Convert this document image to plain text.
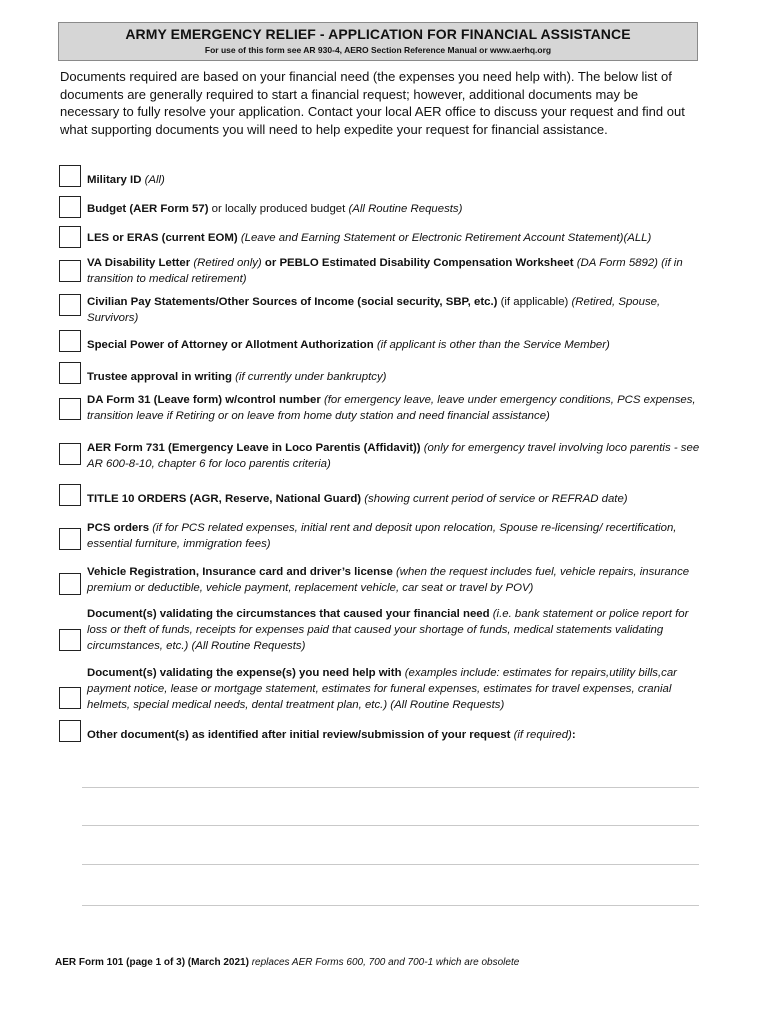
ARMY EMERGENCY RELIEF - APPLICATION FOR FINANCIAL ASSISTANCE
For use of this form see AR 930-4, AERO Section Reference Manual or www.aerhq.org
Documents required are based on your financial need (the expenses you need help with). The below list of documents are generally required to start a financial request; however, additional documents may be necessary to fully resolve your application. Contact your local AER office to discuss your request and find out what supporting documents you will need to help expedite your request for financial assistance.
Military ID (All)
Budget (AER Form 57) or locally produced budget (All Routine Requests)
LES or ERAS (current EOM) (Leave and Earning Statement or Electronic Retirement Account Statement)(ALL)
VA Disability Letter (Retired only) or PEBLO Estimated Disability Compensation Worksheet (DA Form 5892) (if in transition to medical retirement)
Civilian Pay Statements/Other Sources of Income (social security, SBP, etc.) (if applicable) (Retired, Spouse, Survivors)
Special Power of Attorney or Allotment Authorization (if applicant is other than the Service Member)
Trustee approval in writing (if currently under bankruptcy)
DA Form 31 (Leave form) w/control number (for emergency leave, leave under emergency conditions, PCS expenses, transition leave if Retiring or on leave from home duty station and need financial assistance)
AER Form 731 (Emergency Leave in Loco Parentis (Affidavit)) (only for emergency travel involving loco parentis - see AR 600-8-10, chapter 6 for loco parentis criteria)
TITLE 10 ORDERS (AGR, Reserve, National Guard) (showing current period of service or REFRAD date)
PCS orders (if for PCS related expenses, initial rent and deposit upon relocation, Spouse re-licensing/ recertification, essential furniture, immigration fees)
Vehicle Registration, Insurance card and driver’s license (when the request includes fuel, vehicle repairs, insurance premium or deductible, vehicle payment, replacement vehicle, car seat or travel by POV)
Document(s) validating the circumstances that caused your financial need (i.e. bank statement or police report for loss or theft of funds, receipts for expenses paid that caused your shortage of funds, medical statements validating circumstances, etc.) (All Routine Requests)
Document(s) validating the expense(s) you need help with (examples include: estimates for repairs,utility bills,car payment notice, lease or mortgage statement, estimates for funeral expenses, estimates for travel expenses, cranial helmets, special medical needs, dental treatment plan, etc.) (All Routine Requests)
Other document(s) as identified after initial review/submission of your request (if required):
AER Form 101 (page 1 of 3) (March 2021) replaces AER Forms 600, 700 and 700-1 which are obsolete
